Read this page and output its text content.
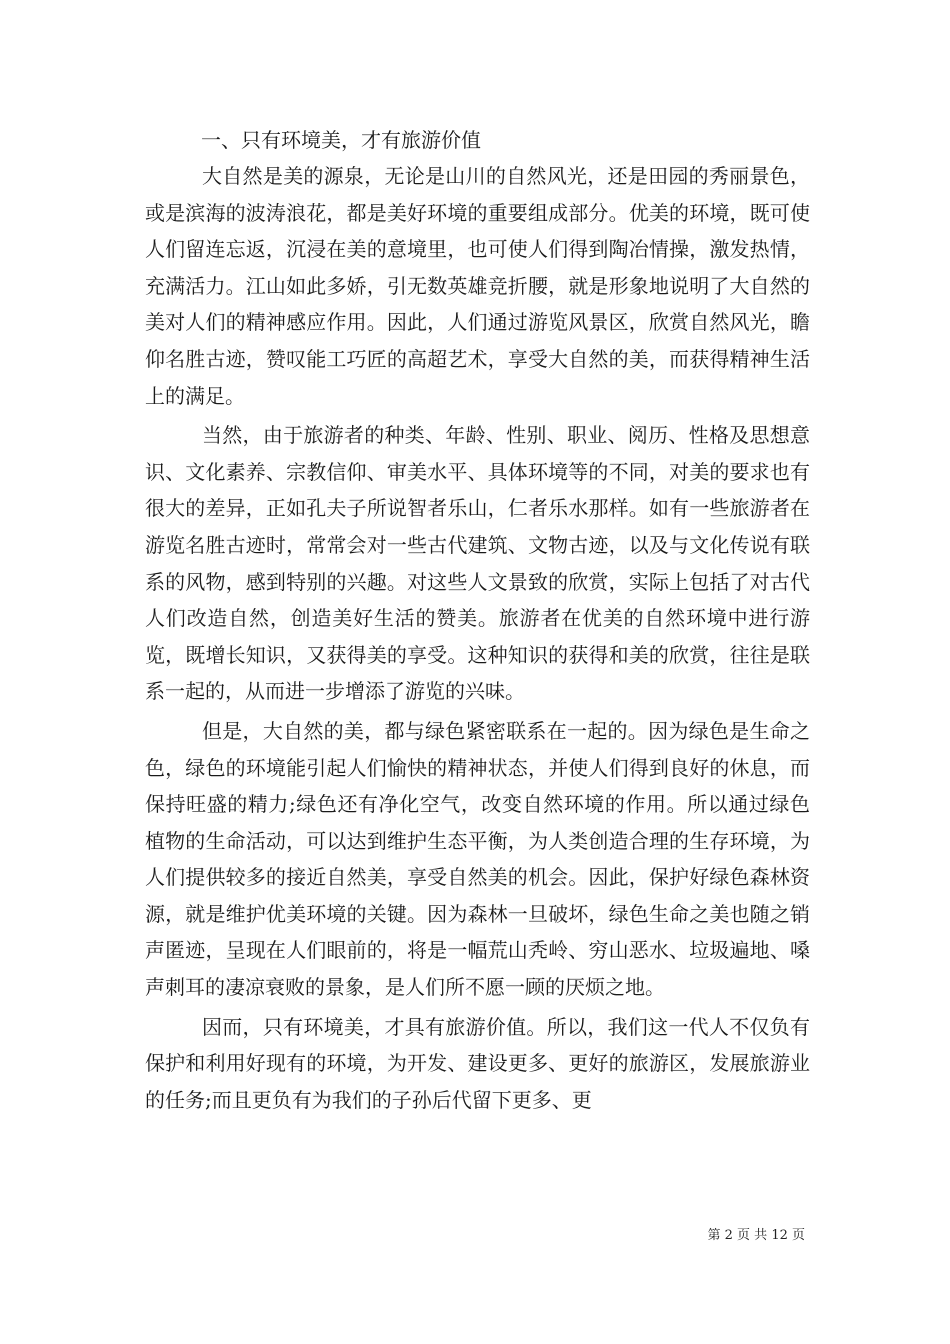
一、只有环境美，才有旅游价值

大自然是美的源泉，无论是山川的自然风光，还是田园的秀丽景色，或是滨海的波涛浪花，都是美好环境的重要组成部分。优美的环境，既可使人们留连忘返，沉浸在美的意境里，也可使人们得到陶冶情操，激发热情，充满活力。江山如此多娇，引无数英雄竞折腰，就是形象地说明了大自然的美对人们的精神感应作用。因此，人们通过游览风景区，欣赏自然风光，瞻仰名胜古迹，赞叹能工巧匠的高超艺术，享受大自然的美，而获得精神生活上的满足。

当然，由于旅游者的种类、年龄、性别、职业、阅历、性格及思想意识、文化素养、宗教信仰、审美水平、具体环境等的不同，对美的要求也有很大的差异，正如孔夫子所说智者乐山，仁者乐水那样。如有一些旅游者在游览名胜古迹时，常常会对一些古代建筑、文物古迹，以及与文化传说有联系的风物，感到特别的兴趣。对这些人文景致的欣赏，实际上包括了对古代人们改造自然，创造美好生活的赞美。旅游者在优美的自然环境中进行游览，既增长知识，又获得美的享受。这种知识的获得和美的欣赏，往往是联系一起的，从而进一步增添了游览的兴味。

但是，大自然的美，都与绿色紧密联系在一起的。因为绿色是生命之色，绿色的环境能引起人们愉快的精神状态，并使人们得到良好的休息，而保持旺盛的精力;绿色还有净化空气，改变自然环境的作用。所以通过绿色植物的生命活动，可以达到维护生态平衡，为人类创造合理的生存环境，为人们提供较多的接近自然美，享受自然美的机会。因此，保护好绿色森林资源，就是维护优美环境的关键。因为森林一旦破坏，绿色生命之美也随之销声匿迹，呈现在人们眼前的，将是一幅荒山秃岭、穷山恶水、垃圾遍地、嗓声刺耳的凄凉衰败的景象，是人们所不愿一顾的厌烦之地。

因而，只有环境美，才具有旅游价值。所以，我们这一代人不仅负有保护和利用好现有的环境，为开发、建设更多、更好的旅游区，发展旅游业的任务;而且更负有为我们的子孙后代留下更多、更

第 2 页 共 12 页
